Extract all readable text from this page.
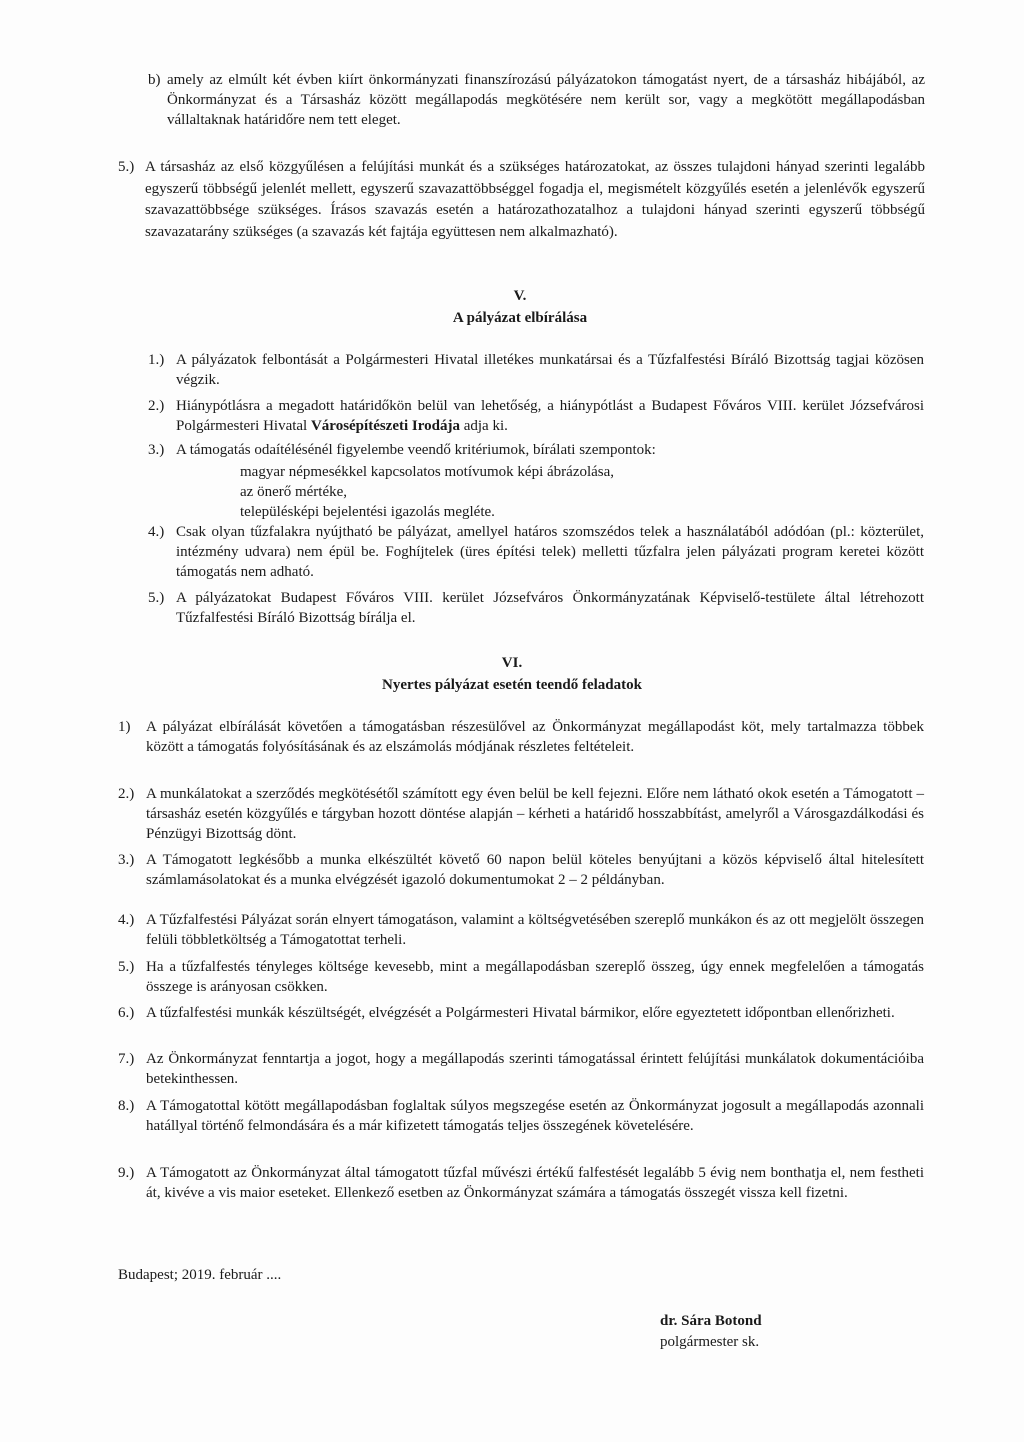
b) amely az elmúlt két évben kiírt önkormányzati finanszírozású pályázatokon támogatást nyert, de a társasház hibájából, az Önkormányzat és a Társasház között megállapodás megkötésére nem került sor, vagy a megkötött megállapodásban vállaltaknak határidőre nem tett eleget.
5.) A társasház az első közgyűlésen a felújítási munkát és a szükséges határozatokat, az összes tulajdoni hányad szerinti legalább egyszerű többségű jelenlét mellett, egyszerű szavazattöbbséggel fogadja el, megismételt közgyűlés esetén a jelenlévők egyszerű szavazattöbbsége szükséges. Írásos szavazás esetén a határozathozatalhoz a tulajdoni hányad szerinti egyszerű többségű szavazatarány szükséges (a szavazás két fajtája együttesen nem alkalmazható).
V.
A pályázat elbírálása
1.) A pályázatok felbontását a Polgármesteri Hivatal illetékes munkatársai és a Tűzfalfestési Bíráló Bizottság tagjai közösen végzik.
2.) Hiánypótlásra a megadott határidőkön belül van lehetőség, a hiánypótlást a Budapest Főváros VIII. kerület Józsefvárosi Polgármesteri Hivatal Városépítészeti Irodája adja ki.
3.) A támogatás odaítélésénél figyelembe veendő kritériumok, bírálati szempontok:
magyar népmesékkel kapcsolatos motívumok képi ábrázolása,
az önerő mértéke,
településképi bejelentési igazolás megléte.
4.) Csak olyan tűzfalakra nyújtható be pályázat, amellyel határos szomszédos telek a használatából adódóan (pl.: közterület, intézmény udvara) nem épül be. Foghíjtelek (üres építési telek) melletti tűzfalra jelen pályázati program keretei között támogatás nem adható.
5.) A pályázatokat Budapest Főváros VIII. kerület Józsefváros Önkormányzatának Képviselő-testülete által létrehozott Tűzfalfestési Bíráló Bizottság bírálja el.
VI.
Nyertes pályázat esetén teendő feladatok
1) A pályázat elbírálását követően a támogatásban részesülővel az Önkormányzat megállapodást köt, mely tartalmazza többek között a támogatás folyósításának és az elszámolás módjának részletes feltételeit.
2.) A munkálatokat a szerződés megkötésétől számított egy éven belül be kell fejezni. Előre nem látható okok esetén a Támogatott – társasház esetén közgyűlés e tárgyban hozott döntése alapján – kérheti a határidő hosszabbítást, amelyről a Városgazdálkodási és Pénzügyi Bizottság dönt.
3.) A Támogatott legkésőbb a munka elkészültét követő 60 napon belül köteles benyújtani a közös képviselő által hitelesített számlamásolatokat és a munka elvégzését igazoló dokumentumokat 2 – 2 példányban.
4.) A Tűzfalfestési Pályázat során elnyert támogatáson, valamint a költségvetésében szereplő munkákon és az ott megjelölt összegen felüli többletköltség a Támogatottat terheli.
5.) Ha a tűzfalfestés tényleges költsége kevesebb, mint a megállapodásban szereplő összeg, úgy ennek megfelelően a támogatás összege is arányosan csökken.
6.) A tűzfalfestési munkák készültségét, elvégzését a Polgármesteri Hivatal bármikor, előre egyeztetett időpontban ellenőrizheti.
7.) Az Önkormányzat fenntartja a jogot, hogy a megállapodás szerinti támogatással érintett felújítási munkálatok dokumentációiba betekinthessen.
8.) A Támogatottal kötött megállapodásban foglaltak súlyos megszegése esetén az Önkormányzat jogosult a megállapodás azonnali hatállyal történő felmondására és a már kifizetett támogatás teljes összegének követelésére.
9.) A Támogatott az Önkormányzat által támogatott tűzfal művészi értékű falfestését legalább 5 évig nem bonthatja el, nem festheti át, kivéve a vis maior eseteket. Ellenkező esetben az Önkormányzat számára a támogatás összegét vissza kell fizetni.
Budapest; 2019. február ....
dr. Sára Botond
polgármester sk.
